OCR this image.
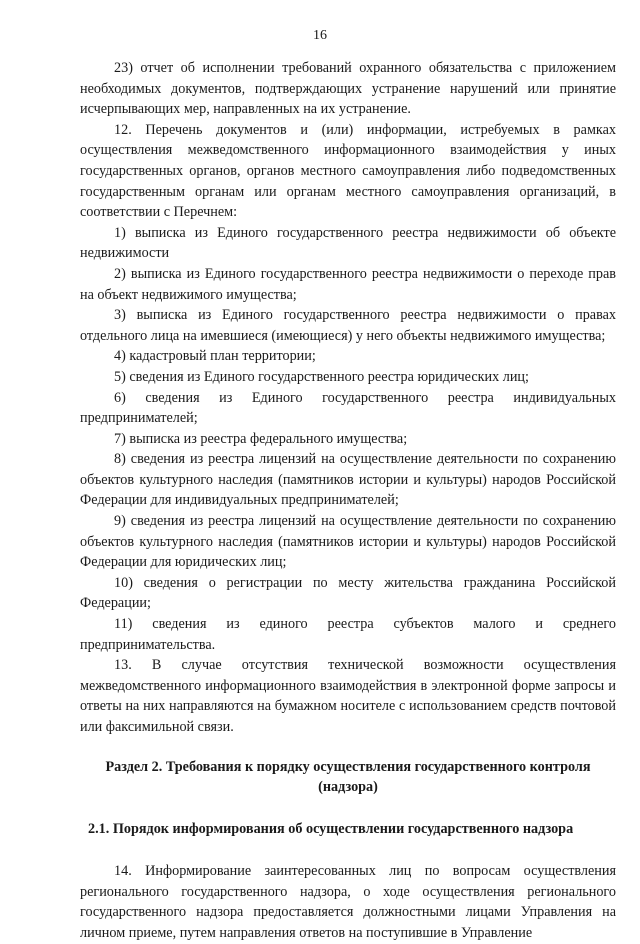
16

23) отчет об исполнении требований охранного обязательства с приложением необходимых документов, подтверждающих устранение нарушений или принятие исчерпывающих мер, направленных на их устранение.

12. Перечень документов и (или) информации, истребуемых в рамках осуществления межведомственного информационного взаимодействия у иных государственных органов, органов местного самоуправления либо подведомственных государственным органам или органам местного самоуправления организаций, в соответствии с Перечнем:

1) выписка из Единого государственного реестра недвижимости об объекте недвижимости

2) выписка из Единого государственного реестра недвижимости о переходе прав на объект недвижимого имущества;

3) выписка из Единого государственного реестра недвижимости о правах отдельного лица на имевшиеся (имеющиеся) у него объекты недвижимого имущества;

4) кадастровый план территории;

5) сведения из Единого государственного реестра юридических лиц;

6) сведения из Единого государственного реестра индивидуальных предпринимателей;

7) выписка из реестра федерального имущества;

8) сведения из реестра лицензий на осуществление деятельности по сохранению объектов культурного наследия (памятников истории и культуры) народов Российской Федерации для индивидуальных предпринимателей;

9) сведения из реестра лицензий на осуществление деятельности по сохранению объектов культурного наследия (памятников истории и культуры) народов Российской Федерации для юридических лиц;

10) сведения о регистрации по месту жительства гражданина Российской Федерации;

11) сведения из единого реестра субъектов малого и среднего предпринимательства.

13. В случае отсутствия технической возможности осуществления межведомственного информационного взаимодействия в электронной форме запросы и ответы на них направляются на бумажном носителе с использованием средств почтовой или факсимильной связи.

Раздел 2. Требования к порядку осуществления государственного контроля (надзора)

2.1. Порядок информирования об осуществлении государственного надзора

14. Информирование заинтересованных лиц по вопросам осуществления регионального государственного надзора, о ходе осуществления регионального государственного надзора предоставляется должностными лицами Управления на личном приеме, путем направления ответов на поступившие в Управление
